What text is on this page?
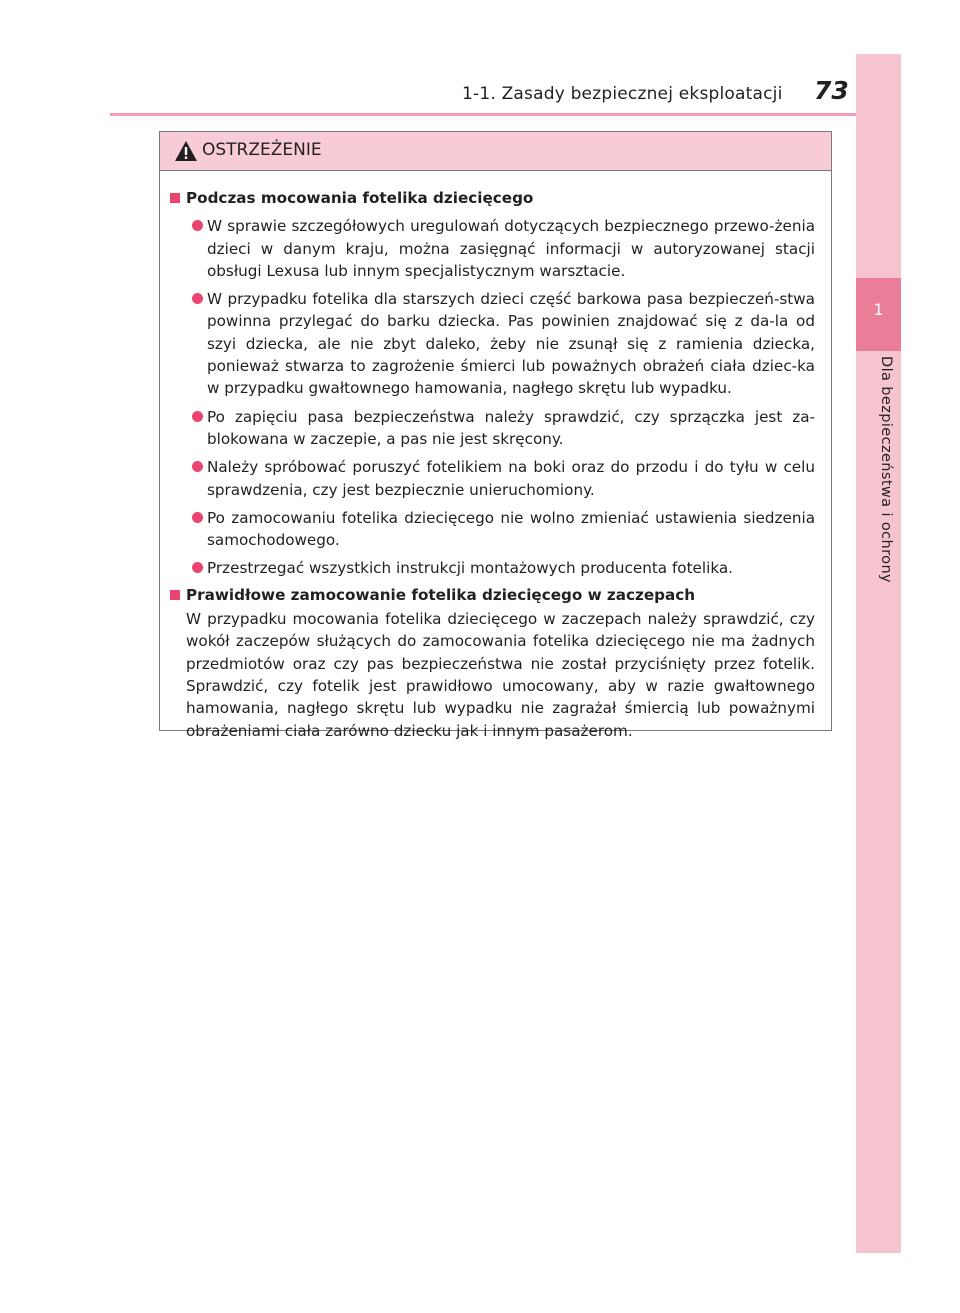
1-1. Zasady bezpiecznej eksploatacji 73
1
Dla bezpieczeństwa i ochrony
OSTRZEŻENIE
Podczas mocowania fotelika dziecięcego
W sprawie szczegółowych uregulowań dotyczących bezpiecznego przewo-żenia dzieci w danym kraju, można zasięgnąć informacji w autoryzowanej stacji obsługi Lexusa lub innym specjalistycznym warsztacie.
W przypadku fotelika dla starszych dzieci część barkowa pasa bezpieczeń-stwa powinna przylegać do barku dziecka. Pas powinien znajdować się z da-la od szyi dziecka, ale nie zbyt daleko, żeby nie zsunął się z ramienia dziecka, ponieważ stwarza to zagrożenie śmierci lub poważnych obrażeń ciała dziec-ka w przypadku gwałtownego hamowania, nagłego skrętu lub wypadku.
Po zapięciu pasa bezpieczeństwa należy sprawdzić, czy sprzączka jest za-blokowana w zaczepie, a pas nie jest skręcony.
Należy spróbować poruszyć fotelikiem na boki oraz do przodu i do tyłu w celu sprawdzenia, czy jest bezpiecznie unieruchomiony.
Po zamocowaniu fotelika dziecięcego nie wolno zmieniać ustawienia siedzenia samochodowego.
Przestrzegać wszystkich instrukcji montażowych producenta fotelika.
Prawidłowe zamocowanie fotelika dziecięcego w zaczepach
W przypadku mocowania fotelika dziecięcego w zaczepach należy sprawdzić, czy wokół zaczepów służących do zamocowania fotelika dziecięcego nie ma żadnych przedmiotów oraz czy pas bezpieczeństwa nie został przyciśnięty przez fotelik. Sprawdzić, czy fotelik jest prawidłowo umocowany, aby w razie gwałtownego hamowania, nagłego skrętu lub wypadku nie zagrażał śmiercią lub poważnymi obrażeniami ciała zarówno dziecku jak i innym pasażerom.
